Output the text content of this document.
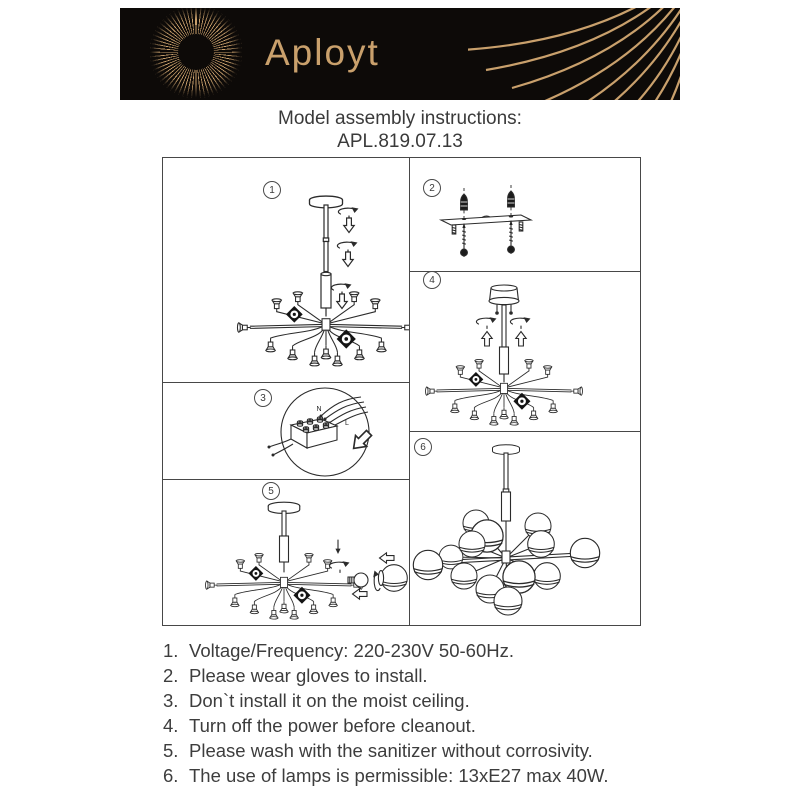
Aployt
Model assembly instructions:
APL.819.07.13
1	2
3
4
5
6
N
L
1. Voltage/Frequency: 220-230V 50-60Hz.
2. Please wear gloves to install.
3. Don`t install it on the moist ceiling.
4. Turn off the power before cleanout.
5. Please wash with the sanitizer without corrosivity.
6. The use of lamps is permissible: 13xE27 max 40W.
